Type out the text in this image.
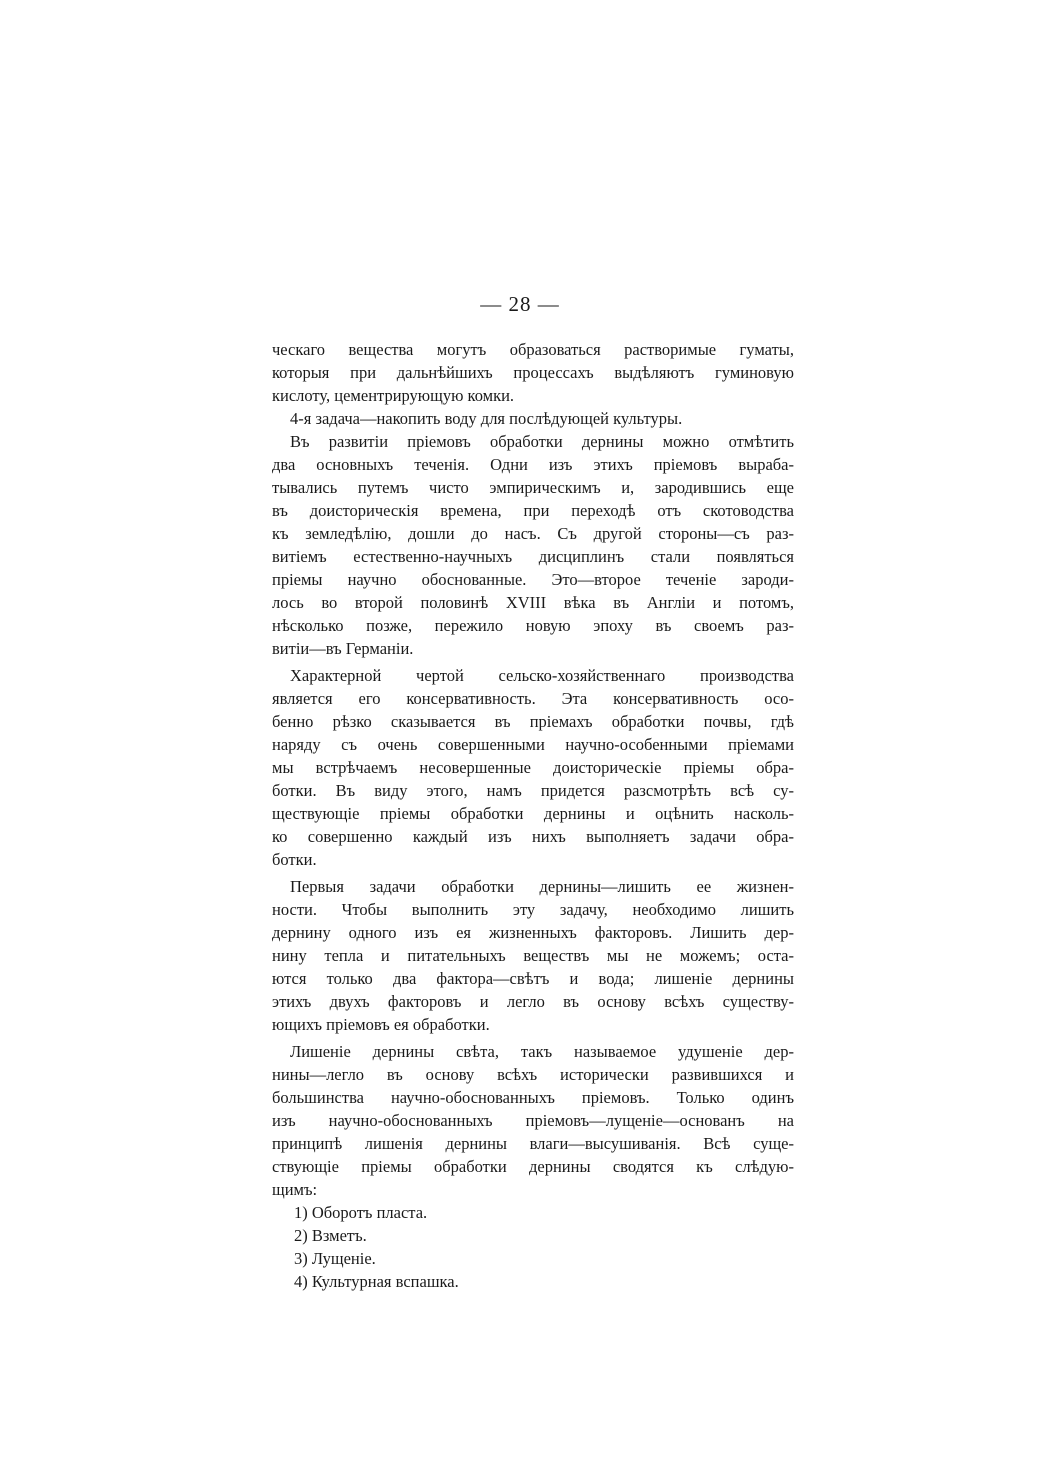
— 28 —
ческаго вещества могутъ образоваться растворимые гуматы,
которыя при дальнѣйшихъ процессахъ выдѣляютъ гуминовую
кислоту, цементрирующую комки.
4-я задача—накопить воду для послѣдующей культуры.
Въ развитіи пріемовъ обработки дернины можно отмѣтить
два основныхъ теченія. Одни изъ этихъ пріемовъ выраба-
тывались путемъ чисто эмпирическимъ и, зародившись еще
въ доисторическія времена, при переходѣ отъ скотоводства
къ земледѣлію, дошли до насъ. Съ другой стороны—съ раз-
витіемъ естественно-научныхъ дисциплинъ стали появляться
пріемы научно обоснованные. Это—второе теченіе зароди-
лось во второй половинѣ XVIII вѣка въ Англіи и потомъ,
нѣсколько позже, пережило новую эпоху въ своемъ раз-
витіи—въ Германіи.
Характерной чертой сельско-хозяйственнаго производства
является его консервативность. Эта консервативность осо-
бенно рѣзко сказывается въ пріемахъ обработки почвы, гдѣ
наряду съ очень совершенными научно-особенными пріемами
мы встрѣчаемъ несовершенные доисторическіе пріемы обра-
ботки. Въ виду этого, намъ придется разсмотрѣть всѣ су-
ществующіе пріемы обработки дернины и оцѣнить насколь-
ко совершенно каждый изъ нихъ выполняетъ задачи обра-
ботки.
Первыя задачи обработки дернины—лишить ее жизнен-
ности. Чтобы выполнить эту задачу, необходимо лишить
дернину одного изъ ея жизненныхъ факторовъ. Лишить дер-
нину тепла и питательныхъ веществъ мы не можемъ; оста-
ются только два фактора—свѣтъ и вода; лишеніе дернины
этихъ двухъ факторовъ и легло въ основу всѣхъ существу-
ющихъ пріемовъ ея обработки.
Лишеніе дернины свѣта, такъ называемое удушеніе дер-
нины—легло въ основу всѣхъ исторически развившихся и
большинства научно-обоснованныхъ пріемовъ. Только одинъ
изъ научно-обоснованныхъ пріемовъ—лущеніе—основанъ на
принципѣ лишенія дернины влаги—высушиванія. Всѣ суще-
ствующіе пріемы обработки дернины сводятся къ слѣдую-
щимъ:
1) Оборотъ пласта.
2) Взметъ.
3) Лущеніе.
4) Культурная вспашка.
